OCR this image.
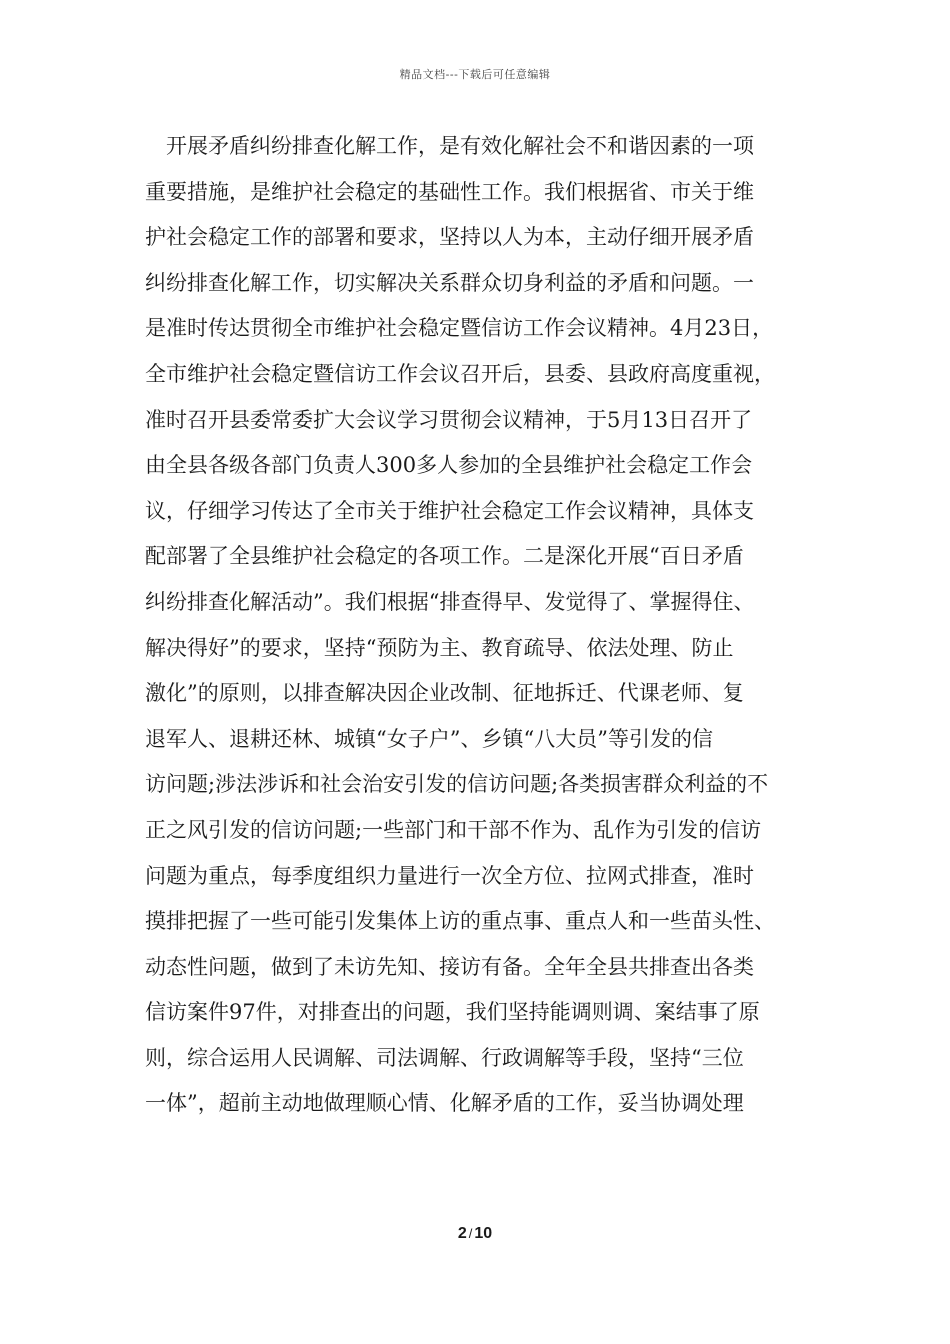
精品文档---下载后可任意编辑
开展矛盾纠纷排查化解工作，是有效化解社会不和谐因素的一项
重要措施，是维护社会稳定的基础性工作。我们根据省、市关于维
护社会稳定工作的部署和要求，坚持以人为本，主动仔细开展矛盾
纠纷排查化解工作，切实解决关系群众切身利益的矛盾和问题。一
是准时传达贯彻全市维护社会稳定暨信访工作会议精神。4月23日，
全市维护社会稳定暨信访工作会议召开后，县委、县政府高度重视，
准时召开县委常委扩大会议学习贯彻会议精神，于5月13日召开了
由全县各级各部门负责人300多人参加的全县维护社会稳定工作会
议，仔细学习传达了全市关于维护社会稳定工作会议精神，具体支
配部署了全县维护社会稳定的各项工作。二是深化开展“百日矛盾
纠纷排查化解活动”。我们根据“排查得早、发觉得了、掌握得住、
解决得好”的要求，坚持“预防为主、教育疏导、依法处理、防止
激化”的原则，以排查解决因企业改制、征地拆迁、代课老师、复
退军人、退耕还林、城镇“女子户”、乡镇“八大员”等引发的信
访问题;涉法涉诉和社会治安引发的信访问题;各类损害群众利益的不
正之风引发的信访问题;一些部门和干部不作为、乱作为引发的信访
问题为重点，每季度组织力量进行一次全方位、拉网式排查，准时
摸排把握了一些可能引发集体上访的重点事、重点人和一些苗头性、
动态性问题，做到了未访先知、接访有备。全年全县共排查出各类
信访案件97件，对排查出的问题，我们坚持能调则调、案结事了原
则，综合运用人民调解、司法调解、行政调解等手段，坚持“三位
一体”，超前主动地做理顺心情、化解矛盾的工作，妥当协调处理
2 / 10
